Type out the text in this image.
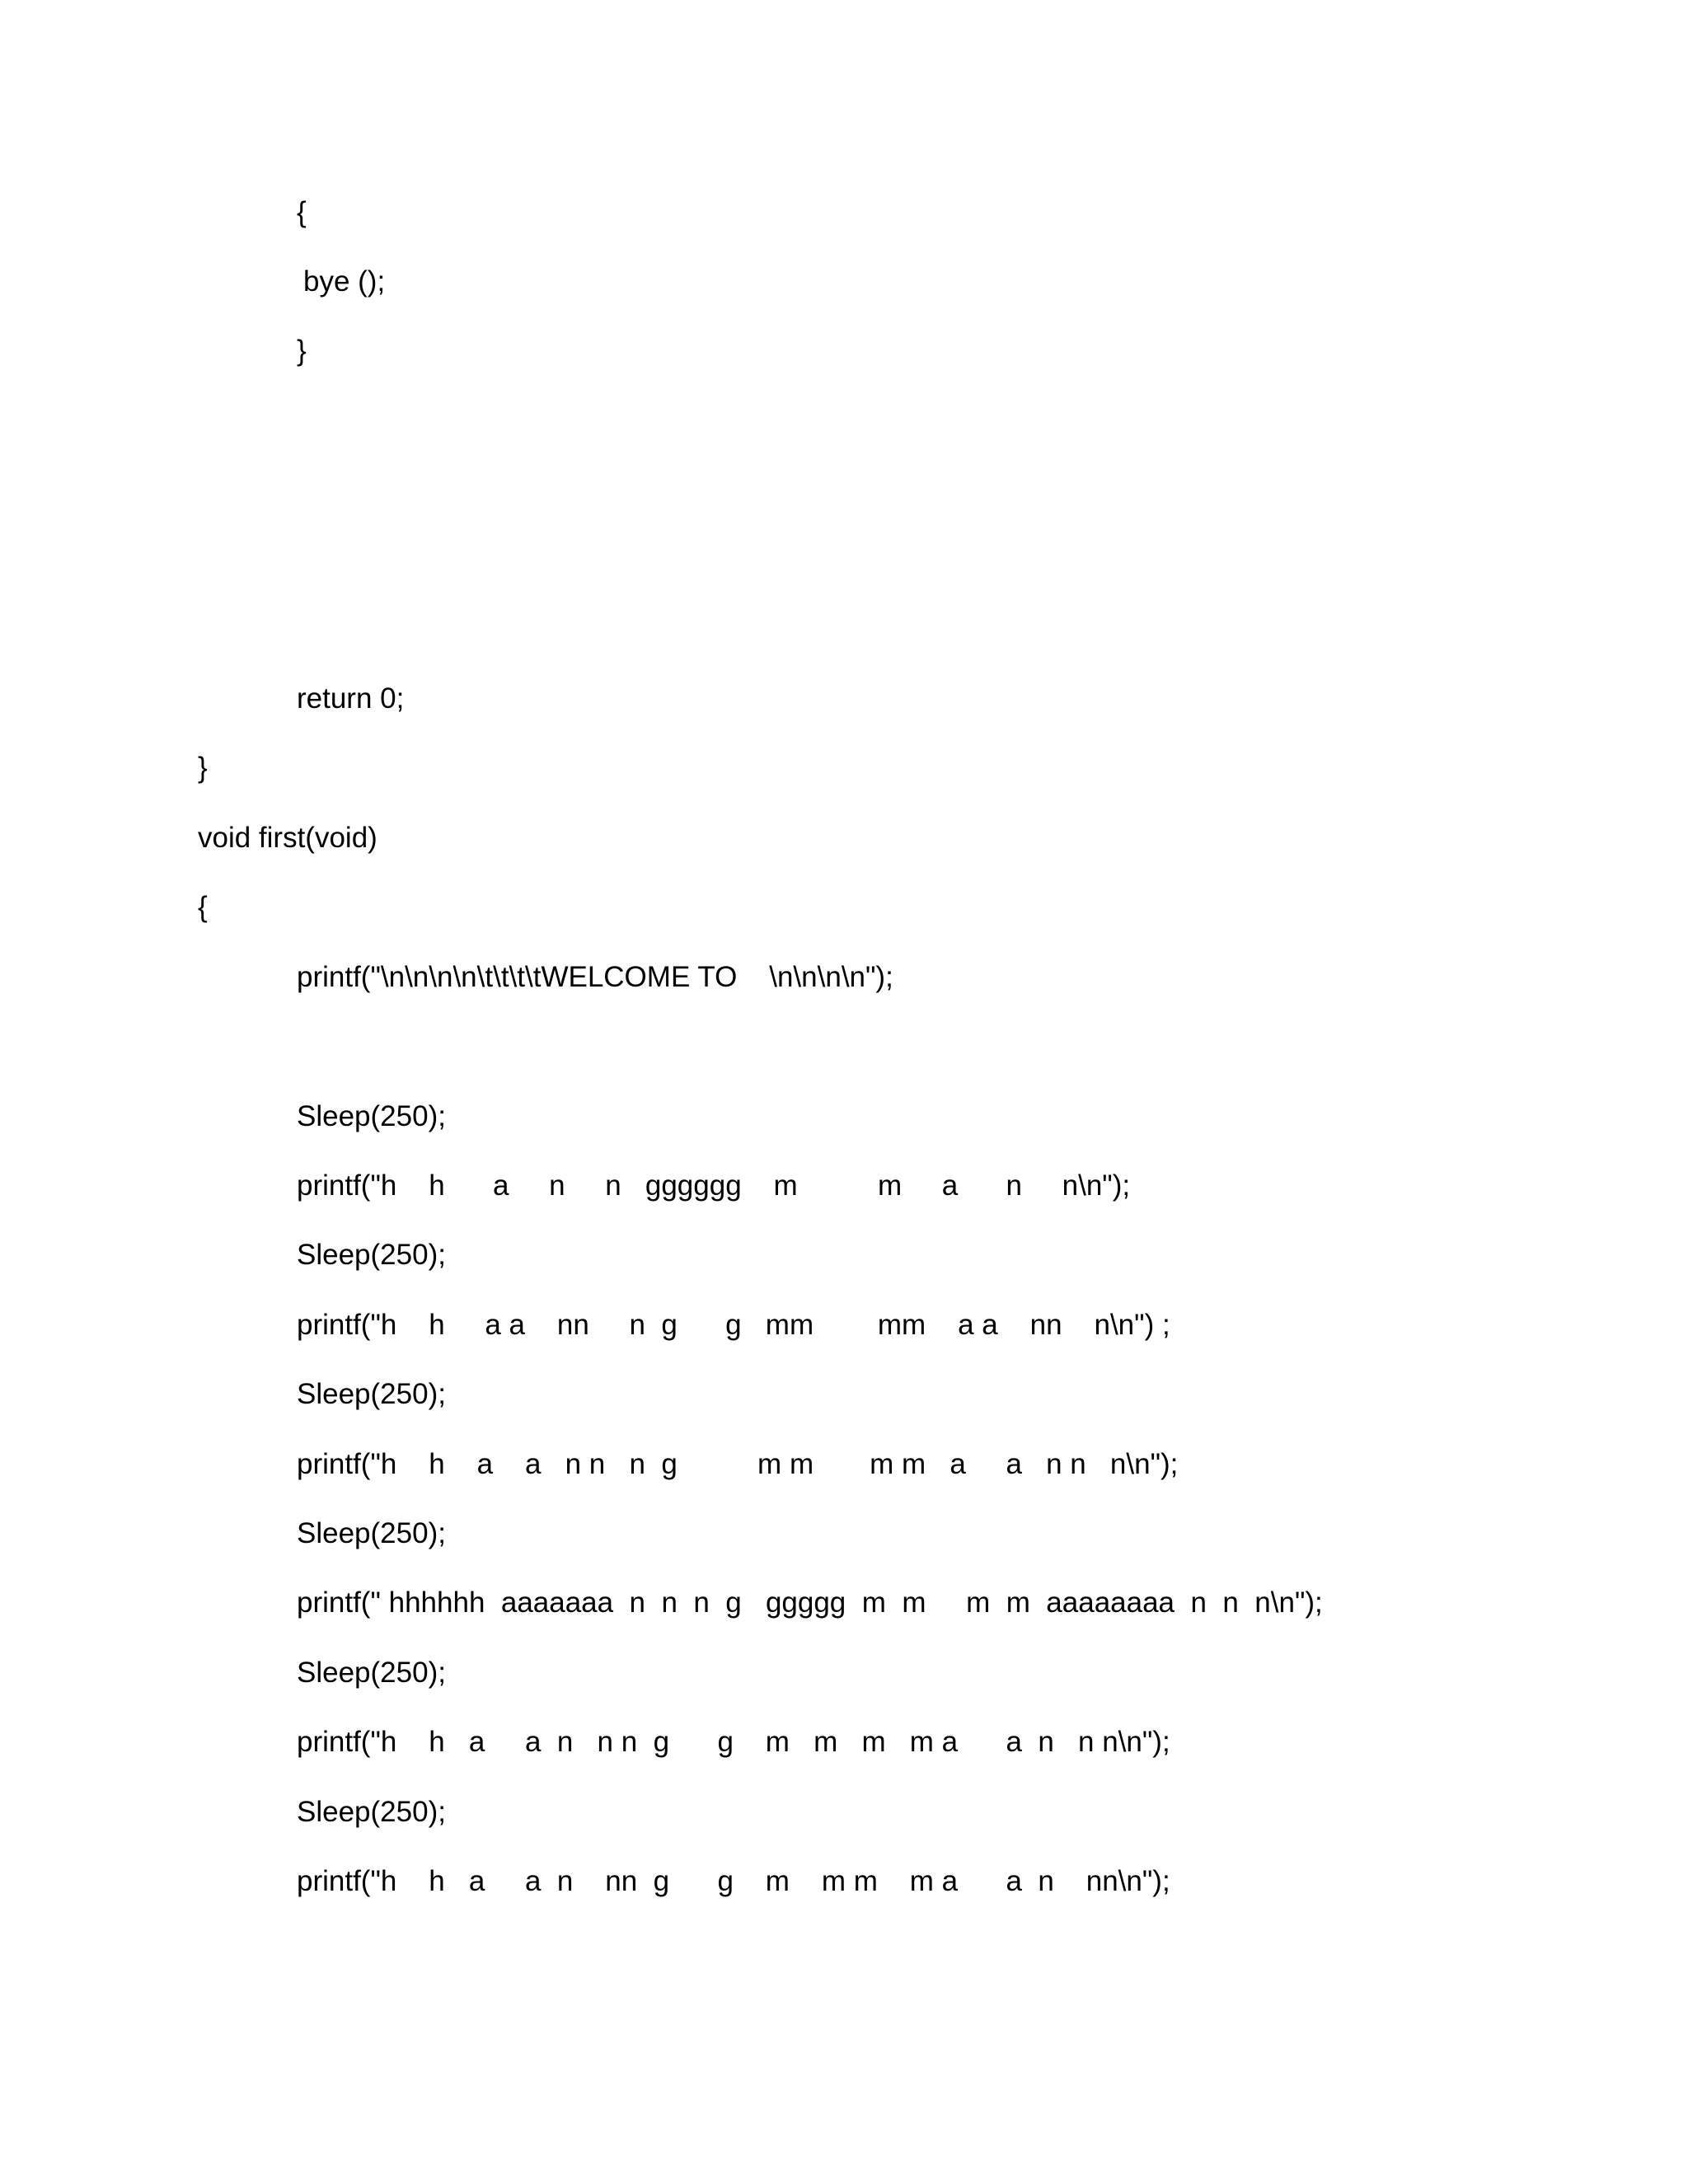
{
bye ();
}
return 0;
}
void first(void)
{
printf("\n\n\n\n\t\t\t\tWELCOME TO    \n\n\n\n");
Sleep(250);
printf("h    h      a     n     n   gggggg    m          m     a      n     n\n");
Sleep(250);
printf("h    h     a a    nn     n  g      g   mm        mm    a a    nn    n\n") ;
Sleep(250);
printf("h    h    a    a   n n   n  g          m m       m m   a     a   n n   n\n");
Sleep(250);
printf(" hhhhhh  aaaaaaa  n  n  n  g   ggggg  m  m     m  m  aaaaaaaa  n  n  n\n");
Sleep(250);
printf("h    h   a     a  n   n n  g      g    m   m   m   m a      a  n   n n\n");
Sleep(250);
printf("h    h   a     a  n    nn  g      g    m    m m    m a      a  n    nn\n");
